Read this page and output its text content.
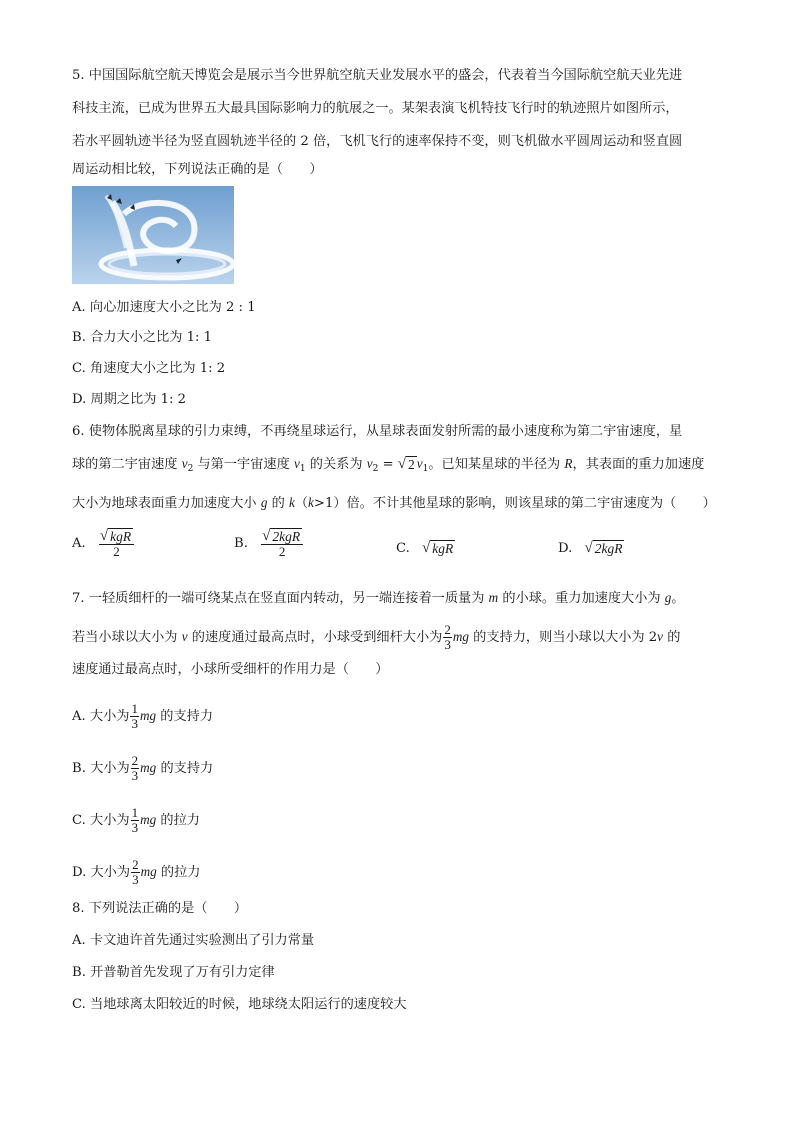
5. 中国国际航空航天博览会是展示当今世界航空航天业发展水平的盛会，代表着当今国际航空航天业先进
科技主流，已成为世界五大最具国际影响力的航展之一。某架表演飞机特技飞行时的轨迹照片如图所示，
若水平圆轨迹半径为竖直圆轨迹半径的 2 倍，飞机飞行的速率保持不变，则飞机做水平圆周运动和竖直圆
周运动相比较，下列说法正确的是（　　）
A. 向心加速度大小之比为 2 : 1
B. 合力大小之比为 1: 1
C. 角速度大小之比为 1: 2
D. 周期之比为 1: 2
6. 使物体脱离星球的引力束缚，不再绕星球运行，从星球表面发射所需的最小速度称为第二宇宙速度，星
球的第二宇宙速度 $v_2$ 与第一宇宙速度 $v_1$ 的关系为 $v_2$ = √ 2 $v_1$。已知某星球的半径为 R，其表面的重力加速度
大小为地球表面重力加速度大小 g 的 k（k>1）倍。不计其他星球的影响，则该星球的第二宇宙速度为（　　）
A. $\frac{\text{√ kgR}}{2}$	B. $\frac{\text{√ 2kgR}}{2}$	C. √ kgR	D. √ 2kgR
7. 一轻质细杆的一端可绕某点在竖直面内转动，另一端连接着一质量为 m 的小球。重力加速度大小为 g。
若当小球以大小为 v 的速度通过最高点时，小球受到细杆大小为 $\frac{2}{3}$ mg 的支持力，则当小球以大小为 2v 的
速度通过最高点时，小球所受细杆的作用力是（　　）
A. 大小为 $\frac{1}{3}$ mg 的支持力
B. 大小为 $\frac{2}{3}$ mg 的支持力
C. 大小为 $\frac{1}{3}$ mg 的拉力
D. 大小为 $\frac{2}{3}$ mg 的拉力
8. 下列说法正确的是（　　）
A. 卡文迪许首先通过实验测出了引力常量
B. 开普勒首先发现了万有引力定律
C. 当地球离太阳较近的时候，地球绕太阳运行的速度较大
